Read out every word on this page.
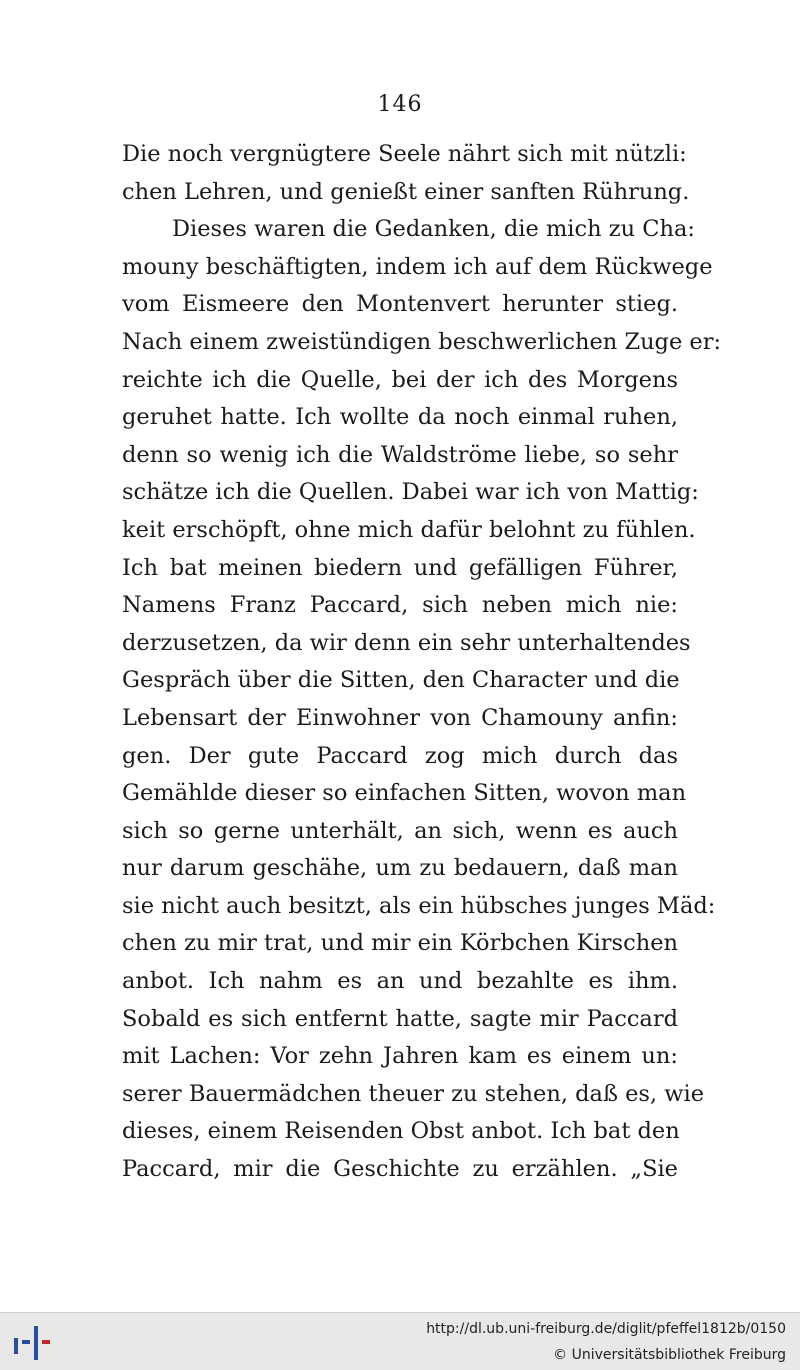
146
Die noch vergnügtere Seele nährt sich mit nützli:
chen Lehren, und genießt einer sanften Rührung.
Dieses waren die Gedanken, die mich zu Cha:
mouny beschäftigten, indem ich auf dem Rückwege
vom Eismeere den Montenvert herunter stieg.
Nach einem zweistündigen beschwerlichen Zuge er:
reichte ich die Quelle, bei der ich des Morgens
geruhet hatte. Ich wollte da noch einmal ruhen,
denn so wenig ich die Waldströme liebe, so sehr
schätze ich die Quellen. Dabei war ich von Mattig:
keit erschöpft, ohne mich dafür belohnt zu fühlen.
Ich bat meinen biedern und gefälligen Führer,
Namens Franz Paccard, sich neben mich nie:
derzusetzen, da wir denn ein sehr unterhaltendes
Gespräch über die Sitten, den Character und die
Lebensart der Einwohner von Chamouny anfin:
gen. Der gute Paccard zog mich durch das
Gemählde dieser so einfachen Sitten, wovon man
sich so gerne unterhält, an sich, wenn es auch
nur darum geschähe, um zu bedauern, daß man
sie nicht auch besitzt, als ein hübsches junges Mäd:
chen zu mir trat, und mir ein Körbchen Kirschen
anbot. Ich nahm es an und bezahlte es ihm.
Sobald es sich entfernt hatte, sagte mir Paccard
mit Lachen: Vor zehn Jahren kam es einem un:
serer Bauermädchen theuer zu stehen, daß es, wie
dieses, einem Reisenden Obst anbot. Ich bat den
Paccard, mir die Geschichte zu erzählen. „Sie
http://dl.ub.uni-freiburg.de/diglit/pfeffel1812b/0150
© Universitätsbibliothek Freiburg
